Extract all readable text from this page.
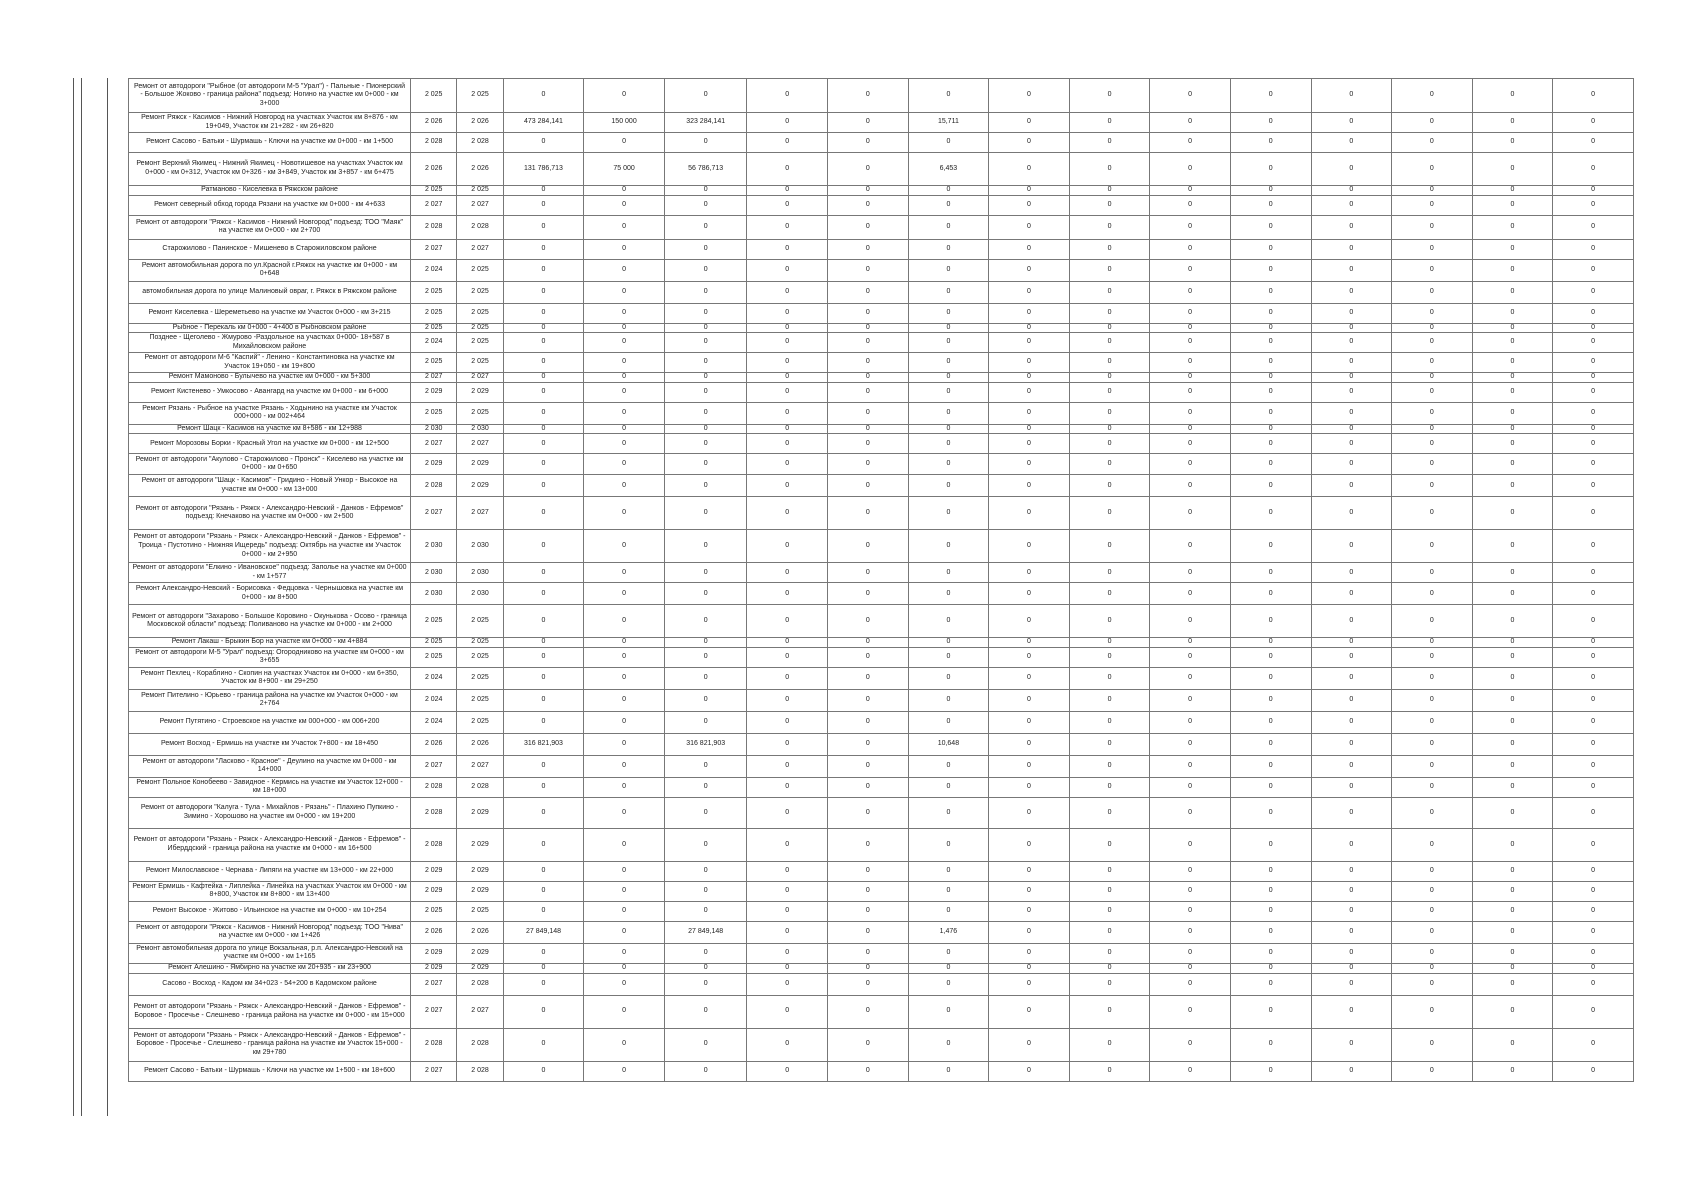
Ремонт от автодороги "Рыбное (от автодороги М-5 "Урал") - Пальные - Пионерский - Большое Жоково - граница района" подъезд: Ногино на участке км 0+000 - км 3+000	2 025	2 025	0	0	0	0	0	0	0	0	0	0	0	0	0	0
Ремонт Ряжск - Касимов - Нижний Новгород на участках Участок км 8+876 - км 19+049, Участок км 21+282 - км 26+820	2 026	2 026	473 284,141	150 000	323 284,141	0	0	15,711	0	0	0	0	0	0	0	0
Ремонт Сасово - Батьки - Шурмашь - Ключи на участке км 0+000 - км 1+500	2 028	2 028	0	0	0	0	0	0	0	0	0	0	0	0	0	0
Ремонт Верхний Якимец - Нижний Якимец - Новотишевое на участках Участок км 0+000 - км 0+312, Участок км 0+326 - км 3+849, Участок км 3+857 - км 6+475	2 026	2 026	131 786,713	75 000	56 786,713	0	0	6,453	0	0	0	0	0	0	0	0
Ратманово - Киселевка в Ряжском районе	2 025	2 025	0	0	0	0	0	0	0	0	0	0	0	0	0	0
Ремонт северный обход города Рязани на участке км 0+000 - км 4+633	2 027	2 027	0	0	0	0	0	0	0	0	0	0	0	0	0	0
Ремонт от автодороги "Ряжск - Касимов - Нижний Новгород" подъезд: ТОО "Маяк" на участке км 0+000 - км 2+700	2 028	2 028	0	0	0	0	0	0	0	0	0	0	0	0	0	0
Старожилово - Панинское - Мишенево в Старожиловском районе	2 027	2 027	0	0	0	0	0	0	0	0	0	0	0	0	0	0
Ремонт автомобильная дорога по ул.Красной г.Ряжск на участке км 0+000 - км 0+648	2 024	2 025	0	0	0	0	0	0	0	0	0	0	0	0	0	0
автомобильная дорога по улице Малиновый овраг, г. Ряжск в Ряжском районе	2 025	2 025	0	0	0	0	0	0	0	0	0	0	0	0	0	0
Ремонт Киселевка - Шереметьево на участке км Участок 0+000 - км 3+215	2 025	2 025	0	0	0	0	0	0	0	0	0	0	0	0	0	0
Рыбное - Перекаль км 0+000 - 4+400 в Рыбновском районе	2 025	2 025	0	0	0	0	0	0	0	0	0	0	0	0	0	0
Позднее - Щеголево - Жмурово -Раздольное на участках 0+000- 18+587 в Михайловском районе	2 024	2 025	0	0	0	0	0	0	0	0	0	0	0	0	0	0
Ремонт от автодороги М-6 "Каспий" - Ленино - Константиновка на участке км Участок 19+050 - км 19+800	2 025	2 025	0	0	0	0	0	0	0	0	0	0	0	0	0	0
Ремонт Мамоново - Булычево на участке км 0+000 - км 5+300	2 027	2 027	0	0	0	0	0	0	0	0	0	0	0	0	0	0
Ремонт Кистенево - Умкосово - Авангард на участке км 0+000 - км 6+000	2 029	2 029	0	0	0	0	0	0	0	0	0	0	0	0	0	0
Ремонт Рязань - Рыбное на участке Рязань - Ходынино на участке км Участок 000+000 - км 002+464	2 025	2 025	0	0	0	0	0	0	0	0	0	0	0	0	0	0
Ремонт Шацк - Касимов на участке км 8+586 - км 12+988	2 030	2 030	0	0	0	0	0	0	0	0	0	0	0	0	0	0
Ремонт Морозовы Борки - Красный Угол на участке км 0+000 - км 12+500	2 027	2 027	0	0	0	0	0	0	0	0	0	0	0	0	0	0
Ремонт от автодороги "Акулово - Старожилово - Пронск" - Киселево на участке км 0+000 - км 0+650	2 029	2 029	0	0	0	0	0	0	0	0	0	0	0	0	0	0
Ремонт от автодороги "Шацк - Касимов" - Гридино - Новый Ункор - Высокое на участке км 0+000 - км 13+000	2 028	2 029	0	0	0	0	0	0	0	0	0	0	0	0	0	0
Ремонт от автодороги "Рязань - Ряжск - Александро-Невский - Данков - Ефремов" подъезд: Кнечаково на участке км 0+000 - км 2+500	2 027	2 027	0	0	0	0	0	0	0	0	0	0	0	0	0	0
Ремонт от автодороги "Рязань - Ряжск - Александро-Невский - Данков - Ефремов" - Троица - Пустотино - Нижняя Ищередь" подъезд: Октябрь на участке км Участок 0+000 - км 2+950	2 030	2 030	0	0	0	0	0	0	0	0	0	0	0	0	0	0
Ремонт от автодороги "Елкино - Ивановское" подъезд: Заполье на участке км 0+000 - км 1+577	2 030	2 030	0	0	0	0	0	0	0	0	0	0	0	0	0	0
Ремонт Александро-Невский - Борисовка - Федцовка - Чернышовка на участке км 0+000 - км 8+500	2 030	2 030	0	0	0	0	0	0	0	0	0	0	0	0	0	0
Ремонт от автодороги "Захарово - Большое Коровино - Окунькова - Осово - граница Московской области" подъезд: Поливаново на участке км 0+000 - км 2+000	2 025	2 025	0	0	0	0	0	0	0	0	0	0	0	0	0	0
Ремонт Лакаш - Брыкин Бор на участке км 0+000 - км 4+884	2 025	2 025	0	0	0	0	0	0	0	0	0	0	0	0	0	0
Ремонт от автодороги М-5 "Урал" подъезд: Огородниково на участке км 0+000 - км 3+655	2 025	2 025	0	0	0	0	0	0	0	0	0	0	0	0	0	0
Ремонт Пехлец - Кораблино - Скопин на участках Участок км 0+000 - км 6+350, Участок км 8+900 - км 29+250	2 024	2 025	0	0	0	0	0	0	0	0	0	0	0	0	0	0
Ремонт Пителино - Юрьево - граница района на участке км Участок 0+000 - км 2+764	2 024	2 025	0	0	0	0	0	0	0	0	0	0	0	0	0	0
Ремонт Путятино - Строевское на участке км 000+000 - км 006+200	2 024	2 025	0	0	0	0	0	0	0	0	0	0	0	0	0	0
Ремонт Восход - Ермишь на участке км Участок 7+800 - км 18+450	2 026	2 026	316 821,903	0	316 821,903	0	0	10,648	0	0	0	0	0	0	0	0
Ремонт от автодороги "Ласково - Красное" - Деулино на участке км 0+000 - км 14+000	2 027	2 027	0	0	0	0	0	0	0	0	0	0	0	0	0	0
Ремонт Польное Конобеево - Завидное - Кермись на участке км Участок 12+000 - км 18+000	2 028	2 028	0	0	0	0	0	0	0	0	0	0	0	0	0	0
Ремонт от автодороги "Калуга - Тула - Михайлов - Рязань" - Плахино Пупкино - Зимино - Хорошово на участке км 0+000 - км 19+200	2 028	2 029	0	0	0	0	0	0	0	0	0	0	0	0	0	0
Ремонт от автодороги "Рязань - Ряжск - Александро-Невский - Данков - Ефремов" - Иберддский - граница района на участке км 0+000 - км 16+500	2 028	2 029	0	0	0	0	0	0	0	0	0	0	0	0	0	0
Ремонт Милославское - Чернава - Липяги на участке км 13+000 - км 22+000	2 029	2 029	0	0	0	0	0	0	0	0	0	0	0	0	0	0
Ремонт Ермишь - Кафтейка - Липлейка - Линейка на участках Участок км 0+000 - км 8+800, Участок км 8+800 - км 13+400	2 029	2 029	0	0	0	0	0	0	0	0	0	0	0	0	0	0
Ремонт Высокое - Житово - Ильинское на участке км 0+000 - км 10+254	2 025	2 025	0	0	0	0	0	0	0	0	0	0	0	0	0	0
Ремонт от автодороги "Ряжск - Касимов - Нижний Новгород" подъезд: ТОО "Нива" на участке км 0+000 - км 1+426	2 026	2 026	27 849,148	0	27 849,148	0	0	1,476	0	0	0	0	0	0	0	0
Ремонт автомобильная дорога по улице Вокзальная, р.п. Александро-Невский на участке км 0+000 - км 1+165	2 029	2 029	0	0	0	0	0	0	0	0	0	0	0	0	0	0
Ремонт Алешино - Ямбирно на участке км 20+935 - км 23+900	2 029	2 029	0	0	0	0	0	0	0	0	0	0	0	0	0	0
Сасово - Восход - Кадом км 34+023 - 54+200 в Кадомском районе	2 027	2 028	0	0	0	0	0	0	0	0	0	0	0	0	0	0
Ремонт от автодороги "Рязань - Ряжск - Александро-Невский - Данков - Ефремов" - Боровое - Просечье - Слешнево - граница района на участке км 0+000 - км 15+000	2 027	2 027	0	0	0	0	0	0	0	0	0	0	0	0	0	0
Ремонт от автодороги "Рязань - Ряжск - Александро-Невский - Данков - Ефремов" - Боровое - Просечье - Слешнево - граница района на участке км Участок 15+000 - км 29+780	2 028	2 028	0	0	0	0	0	0	0	0	0	0	0	0	0	0
Ремонт Сасово - Батьки - Шурмашь - Ключи на участке км 1+500 - км 18+600	2 027	2 028	0	0	0	0	0	0	0	0	0	0	0	0	0	0
